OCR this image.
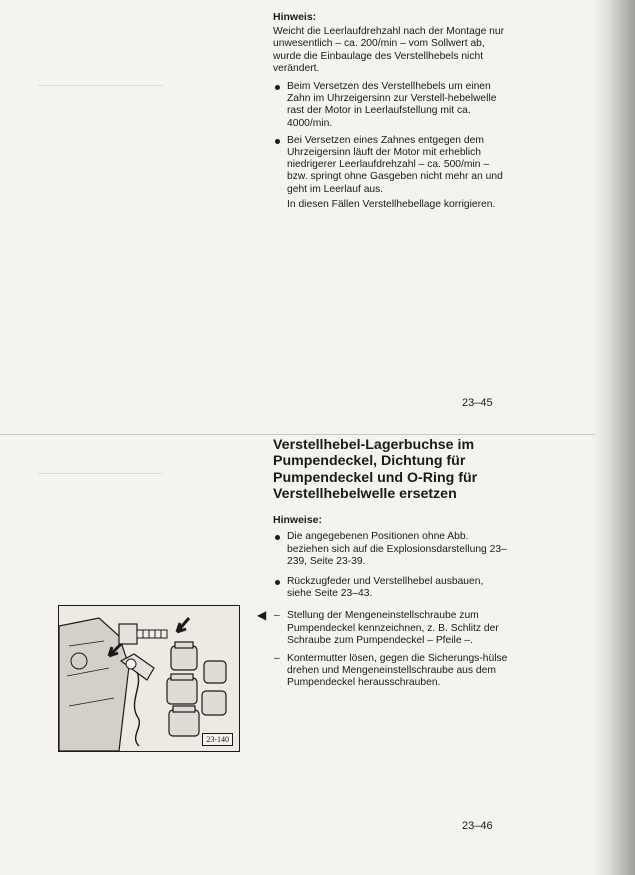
──────────────────────
──────────────────────
Hinweis:
Weicht die Leerlaufdrehzahl nach der Montage nur unwesentlich – ca. 200/min – vom Sollwert ab, wurde die Einbaulage des Verstellhebels nicht verändert.
Beim Versetzen des Verstellhebels um einen Zahn im Uhrzeigersinn zur Verstell-hebelwelle rast der Motor in Leerlaufstellung mit ca. 4000/min.
Bei Versetzen eines Zahnes entgegen dem Uhrzeigersinn läuft der Motor mit erheblich niedrigerer Leerlaufdrehzahl – ca. 500/min – bzw. springt ohne Gasgeben nicht mehr an und geht im Leerlauf aus.
In diesen Fällen Verstellhebellage korrigieren.
23–45
Verstellhebel-Lagerbuchse im Pumpendeckel, Dichtung für Pumpendeckel und O-Ring für Verstellhebelwelle ersetzen
Hinweise:
Die angegebenen Positionen ohne Abb. beziehen sich auf die Explosionsdarstellung 23–239, Seite 23-39.
Rückzugfeder und Verstellhebel ausbauen, siehe Seite 23–43.
◀ – Stellung der Mengeneinstellschraube zum Pumpendeckel kennzeichnen, z. B. Schlitz der Schraube zum Pumpendeckel – Pfeile –.
– Kontermutter lösen, gegen die Sicherungs-hülse drehen und Mengeneinstellschraube aus dem Pumpendeckel herausschrauben.
23-140
23–46
